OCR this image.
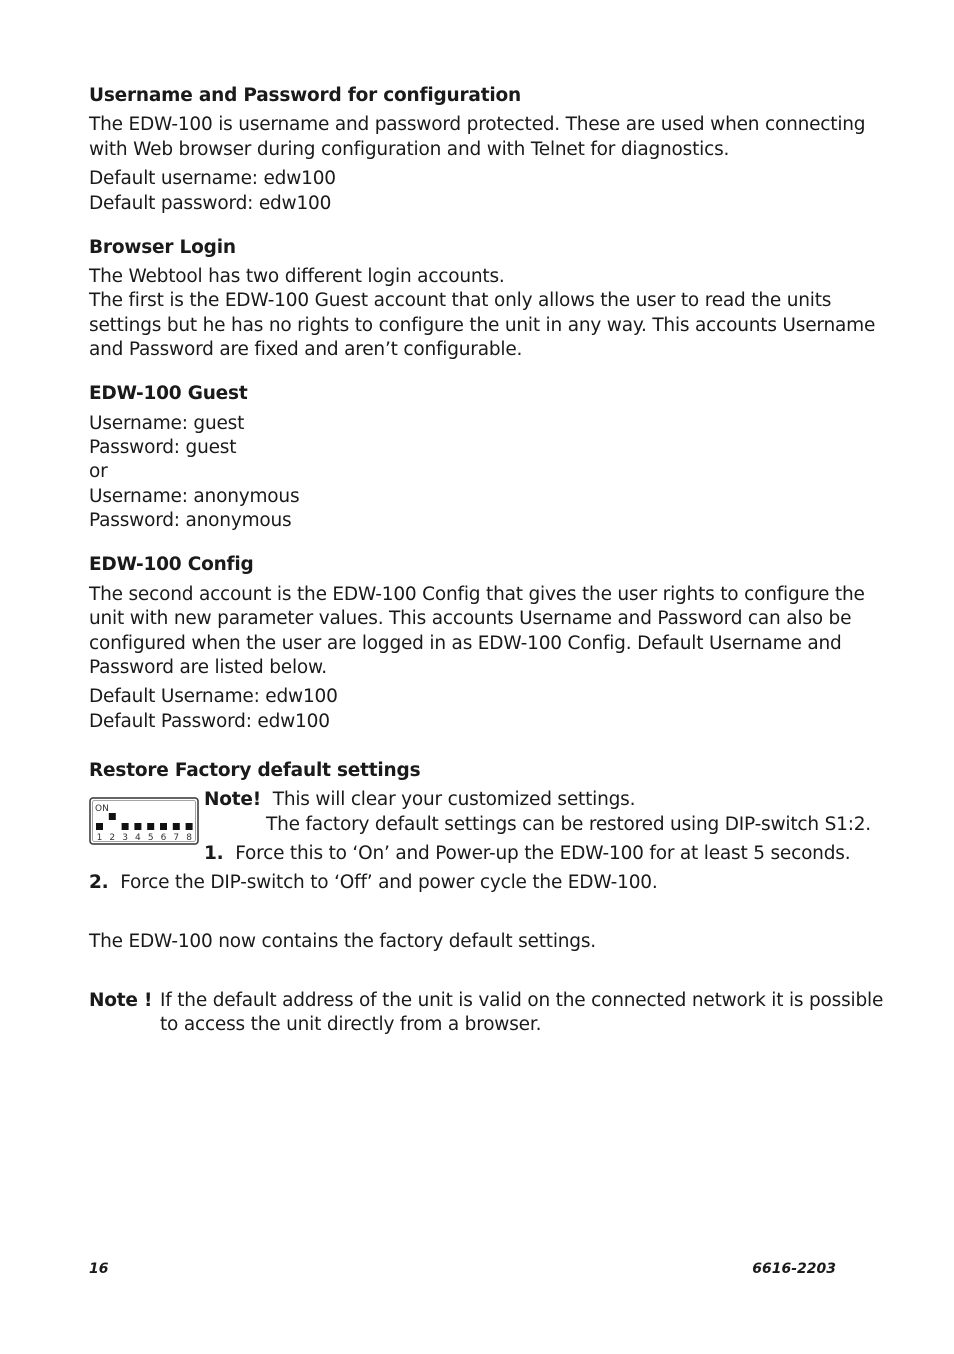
Username and Password for configuration
The EDW-100 is username and password protected. These are used when connecting
with Web browser during configuration and with Telnet for diagnostics.
Default username: edw100
Default password: edw100
Browser Login
The Webtool has two different login accounts.
The first is the EDW-100 Guest account that only allows the user to read the units
settings but he has no rights to configure the unit in any way. This accounts Username
and Password are fixed and aren’t configurable.
EDW-100 Guest
Username: guest
Password: guest
or
Username: anonymous
Password: anonymous
EDW-100 Config
The second account is the EDW-100 Config that gives the user rights to configure the
unit with new parameter values. This accounts Username and Password can also be
configured when the user are logged in as EDW-100 Config. Default Username and
Password are listed below.
Default Username: edw100
Default Password: edw100
Restore Factory default settings
ON
1 2 3 4 5 6 7 8
Note! This will clear your customized settings.
The factory default settings can be restored using DIP-switch S1:2.
1. Force this to ‘On’ and Power-up the EDW-100 for at least 5 seconds.
2. Force the DIP-switch to ‘Off’ and power cycle the EDW-100.
The EDW-100 now contains the factory default settings.
Note ! If the default address of the unit is valid on the connected network it is possible
to access the unit directly from a browser.
16	6616-2203
